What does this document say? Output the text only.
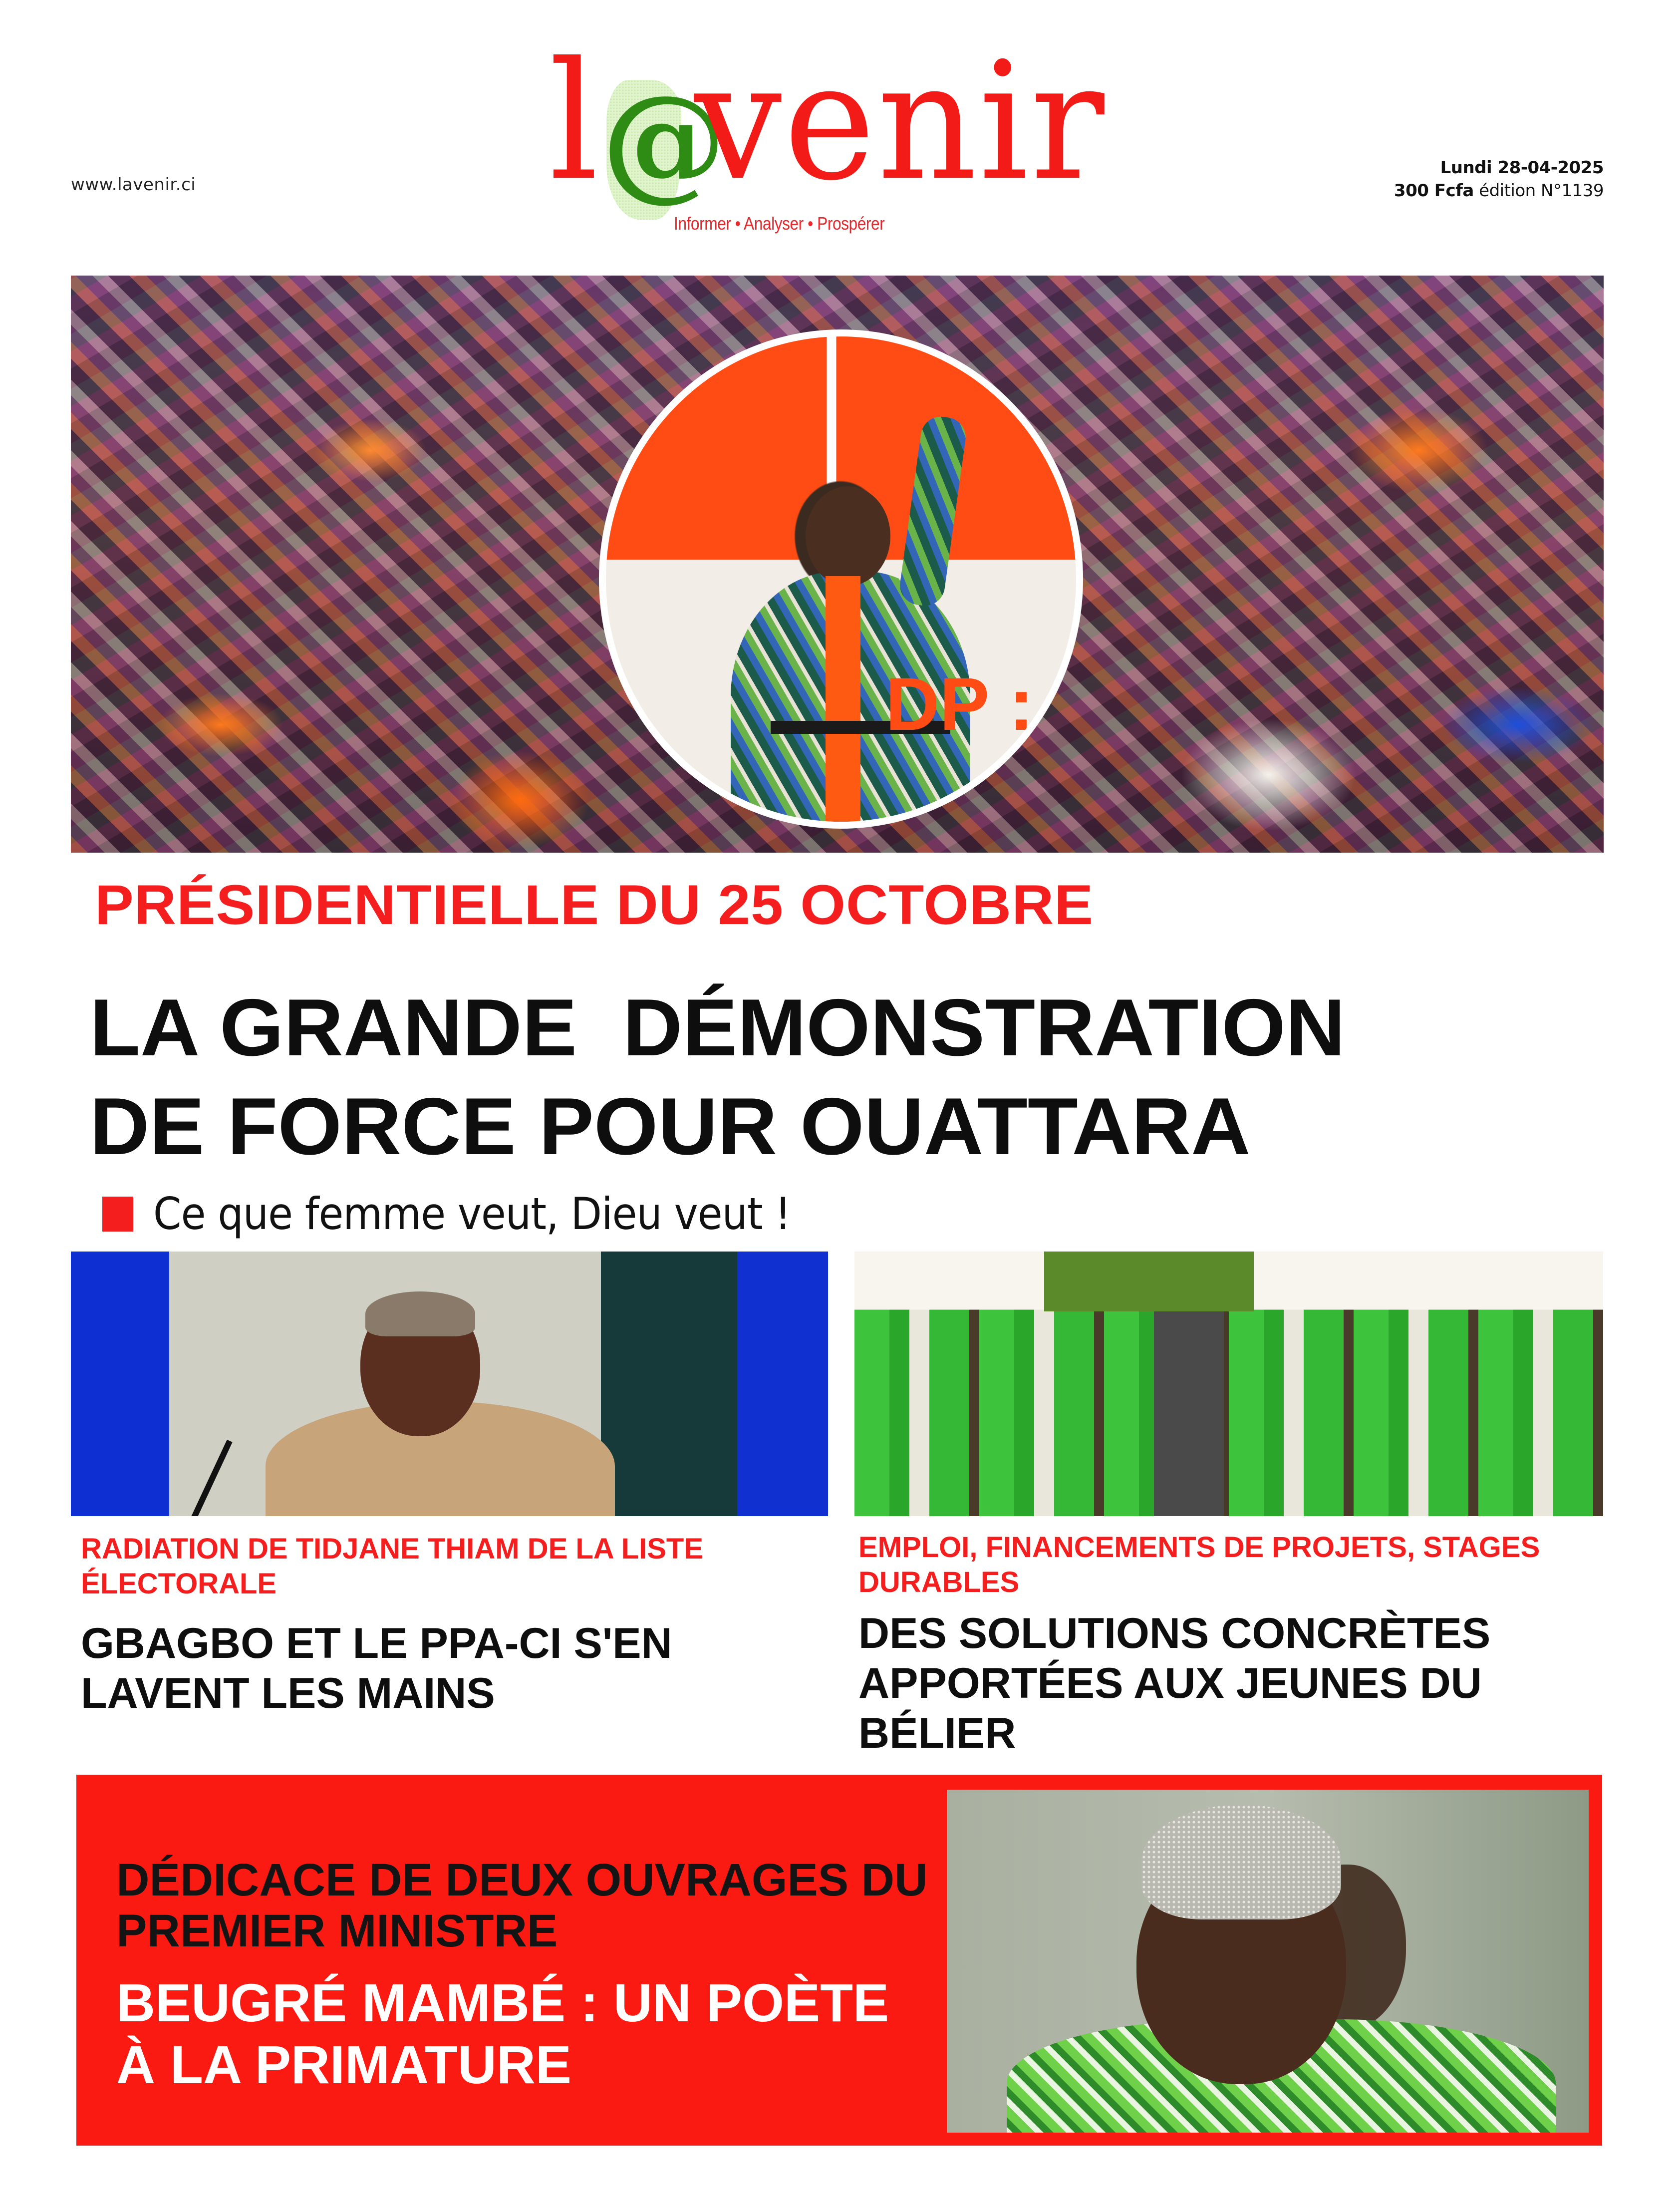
www.lavenir.ci l @
venir
Informer • Analyser • Prospérer
Lundi 28-04-2025
300 Fcfa édition N°1139
DP :
PRÉSIDENTIELLE DU 25 OCTOBRE
LA GRANDE  DÉMONSTRATION
DE FORCE POUR OUATTARA
Ce que femme veut, Dieu veut !
RADIATION DE TIDJANE THIAM DE LA LISTE ÉLECTORALE
GBAGBO ET LE PPA-CI S'EN LAVENT LES MAINS
EMPLOI, FINANCEMENTS DE PROJETS, STAGES DURABLES
DES SOLUTIONS CONCRÈTES APPORTÉES AUX JEUNES DU BÉLIER
DÉDICACE DE DEUX OUVRAGES DU PREMIER MINISTRE
BEUGRÉ MAMBÉ : UN POÈTE À LA PRIMATURE
